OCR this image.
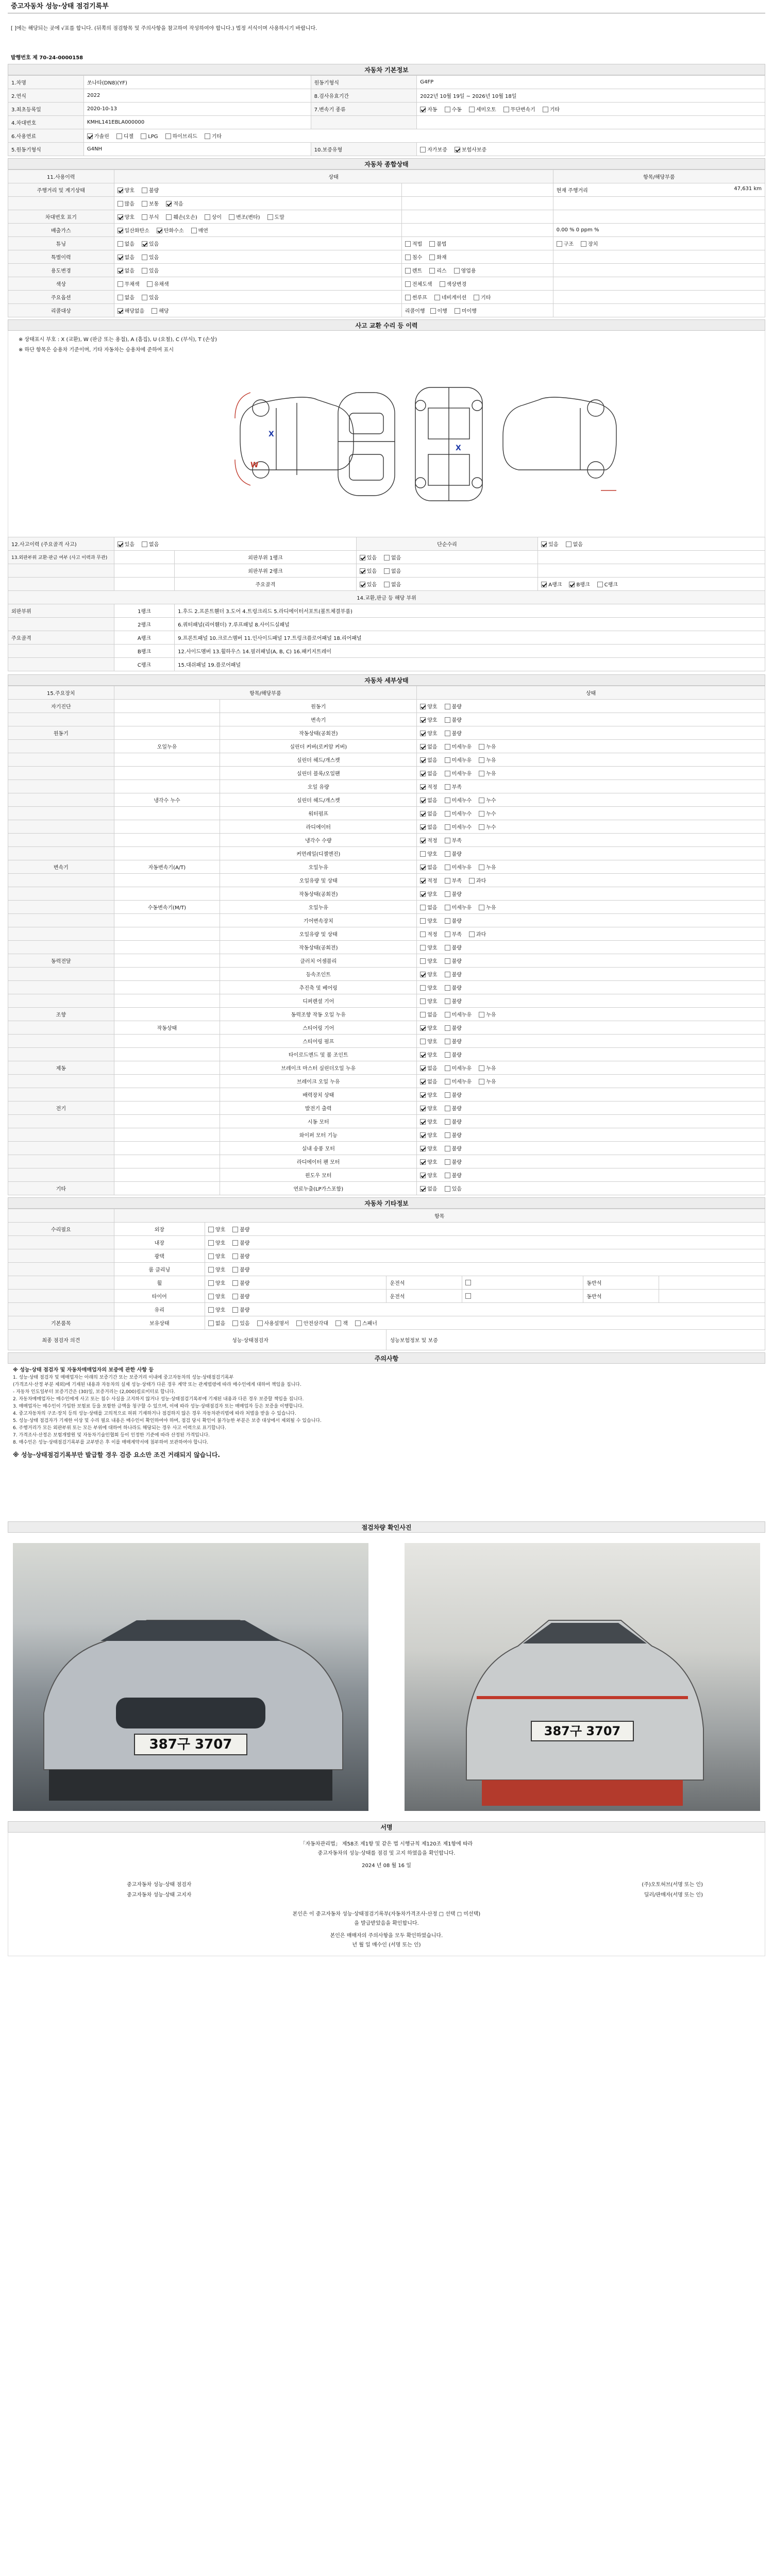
중고자동차 성능·상태 점검기록부
[ ]에는 해당되는 곳에 √표를 합니다. (뒤쪽의 점검항목 및 주의사항을 참고하여 작성하여야 합니다.) 법정 서식이며 사용하시기 바랍니다.
발행번호 제 70-24-0000158
자동차 기본정보
1.차명	쏘나타(DN8)(YF)	원동기형식	G4FP
2.연식	2022	8.검사유효기간	2022년 10월 19일 ~ 2026년 10월 18일
3.최초등록일	2020-10-13	7.변속기 종류	자동 수동 세미오토 무단변속기 기타
4.차대번호	KMHL141EBLA000000		
6.사용연료	가솔린 디젤 LPG 하이브리드 기타		
5.원동기형식	G4NH	10.보증유형	자가보증 보험사보증
자동차 종합상태
11.사용이력	상태		항목/해당부품
주행거리 및 계기상태	양호 불량		현재 주행거리 47,631 km

	많음 보통 적음		
차대번호 표기	양호 부식 훼손(오손) 상이 변조(변타) 도말		
배출가스	일산화탄소 탄화수소 매연		0.00 % 0 ppm %
튜닝	없음 있음	적법 불법	구조 장치
특별이력	없음 있음	침수 화재	
용도변경	없음 있음	렌트 리스 영업용	
색상	무채색 유채색	전체도색 색상변경	
주요옵션	없음 있음	썬루프 네비게이션 기타	
리콜대상	해당없음 해당	리콜이행 이행 미이행	
사고 교환 수리 등 이력
※ 상태표시 부호 : X (교환), W (판금 또는 용접), A (흠집), U (요철), C (부식), T (손상)
※ 하단 항목은 승용차 기준이며, 기타 자동차는 승용차에 준하여 표시
X
X
W
12.사고이력 (주요골격 사고)	있음 없음		단순수리	있음 없음
13.외판부위 교환·판금 여부 (사고 이력과 무관)		외판부위 1랭크	있음 없음	
		외판부위 2랭크	있음 없음	
		주요골격	있음 없음	A랭크 B랭크 C랭크
14.교환,판금 등 해당 부위				
외판부위	1랭크	1.후드 2.프론트휀더 3.도어 4.트렁크리드 5.라디에이터서포트(볼트체결부품)		
	2랭크	6.쿼터패널(리어휀더) 7.루프패널 8.사이드실패널		
주요골격	A랭크	9.프론트패널 10.크로스멤버 11.인사이드패널 17.트렁크플로어패널 18.리어패널		
	B랭크	12.사이드멤버 13.휠하우스 14.필러패널(A, B, C) 16.패키지트레이		
	C랭크	15.대쉬패널 19.플로어패널		
자동차 세부상태
15.주요장치	항목/해당부품		상태
자기진단		원동기	양호 불량
		변속기	양호 불량
원동기		작동상태(공회전)	양호 불량
	오일누유	실린더 커버(로커암 커버)	없음 미세누유 누유
		실린더 헤드/개스켓	없음 미세누유 누유
		실린더 블록/오일팬	없음 미세누유 누유
		오일 유량	적정 부족
	냉각수 누수	실린더 헤드/개스켓	없음 미세누수 누수
		워터펌프	없음 미세누수 누수
		라디에이터	없음 미세누수 누수
		냉각수 수량	적정 부족
		커먼레일(디젤엔진)	양호 불량
변속기	자동변속기(A/T)	오일누유	없음 미세누유 누유
		오일유량 및 상태	적정 부족 과다
		작동상태(공회전)	양호 불량
	수동변속기(M/T)	오일누유	없음 미세누유 누유
		기어변속장치	양호 불량
		오일유량 및 상태	적정 부족 과다
		작동상태(공회전)	양호 불량
동력전달		클러치 어셈블리	양호 불량
		등속조인트	양호 불량
		추진축 및 베어링	양호 불량
		디퍼렌셜 기어	양호 불량
조향		동력조향 작동 오일 누유	없음 미세누유 누유
	작동상태	스티어링 기어	양호 불량
		스티어링 펌프	양호 불량
		타이로드엔드 및 볼 조인트	양호 불량
제동		브레이크 마스터 실린더오일 누유	없음 미세누유 누유
		브레이크 오일 누유	없음 미세누유 누유
		배력장치 상태	양호 불량
전기		발전기 출력	양호 불량
		시동 모터	양호 불량
		와이퍼 모터 기능	양호 불량
		실내 송풍 모터	양호 불량
		라디에이터 팬 모터	양호 불량
		윈도우 모터	양호 불량
기타		연료누출(LP가스포함)	없음 있음
자동차 기타정보
	항목						
수리필요	외장	양호 불량					
	내장	양호 불량					
	광택	양호 불량					
	룸 클리닝	양호 불량					
	휠	양호 불량	운전석		동반석		
	타이어	양호 불량	운전석		동반석		
	유리	양호 불량					
기본품목	보유상태	없음 있음 사용설명서 안전삼각대 잭 스패너					
최종 점검자 의견	성능·상태점검자		성능보험정보 및 보증				
주의사항
※ 성능·상태 점검자 및 자동차매매업자의 보증에 관한 사항 등
1. 성능·상태 점검자 및 매매업자는 아래의 보증기간 또는 보증거리 이내에 중고자동차의 성능·상태점검기록부
(가격조사·산정 부분 제외)에 기재된 내용과 자동차의 실제 성능·상태가 다른 경우 계약 또는 관계법령에 따라 매수인에게 대하여 책임을 집니다.
- 자동차 인도일부터 보증기간은 (30)일, 보증거리는 (2,000)킬로미터로 합니다.
2. 자동차매매업자는 매수인에게 사고 또는 침수 사실을 고지하지 않거나 성능·상태점검기록부에 기재된 내용과 다른 경우 보증할 책임을 집니다.
3. 매매업자는 매수인이 가입한 보험료 등을 포함한 금액을 청구할 수 있으며, 이에 따라 성능·상태점검자 또는 매매업자 등은 보증을 이행합니다.
4. 중고자동차의 구조·장치 등의 성능·상태를 고의적으로 허위 기재하거나 점검하지 않은 경우 자동차관리법에 따라 처벌을 받을 수 있습니다.
5. 성능·상태 점검자가 기재한 이상 및 수리 필요 내용은 매수인이 확인하여야 하며, 점검 당시 확인이 불가능한 부분은 보증 대상에서 제외될 수 있습니다.
6. 주행거리가 모든 외판부위 또는 모든 부위에 대하여 하나라도 해당되는 경우 사고 이력으로 표기합니다.
7. 가격조사·산정은 보험개발원 및 자동차기술인협회 등이 인정한 기준에 따라 산정된 가격입니다.
8. 매수인은 성능·상태점검기록부를 교부받은 후 이를 매매계약서에 첨부하여 보관하여야 합니다.
※ 성능·상태점검기록부만 발급할 경우 검증 요소만 조건 거래되지 않습니다.
점검차량 확인사진
387구 3707
387구 3707
서명
「자동차관리법」 제58조 제1항 및 같은 법 시행규칙 제120조 제1항에 따라
중고자동차의 성능·상태를 점검 및 고지 하였음을 확인합니다.
2024 년 08 월 16 일
중고자동차 성능·상태 점검자
중고자동차 성능·상태 고지자
(주)오토허브(서명 또는 인)
딜러/판매자(서명 또는 인)
본인은 이 중고자동차 성능·상태점검기록부(자동차가격조사·산정 □ 선택 □ 미선택)
을 발급받았음을 확인합니다.
본인은 매매자의 주의사항을 모두 확인하였습니다.
년 월 일 매수인 (서명 또는 인)
